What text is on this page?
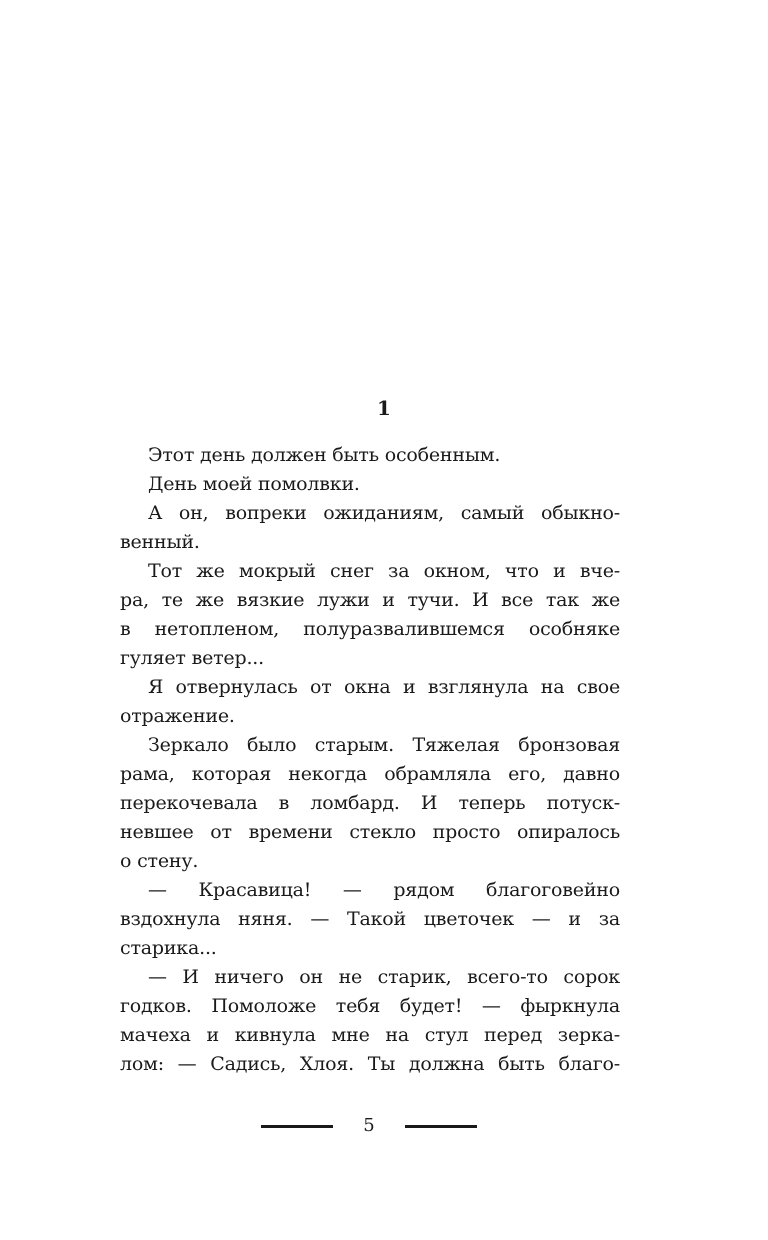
1
Этот день должен быть особенным.
День моей помолвки.
А он, вопреки ожиданиям, самый обыкно-
венный.
Тот же мокрый снег за окном, что и вче-
ра, те же вязкие лужи и тучи. И все так же
в нетопленом, полуразвалившемся особняке
гуляет ветер...
Я отвернулась от окна и взглянула на свое
отражение.
Зеркало было старым. Тяжелая бронзовая
рама, которая некогда обрамляла его, давно
перекочевала в ломбард. И теперь потуск-
невшее от времени стекло просто опиралось
о стену.
— Красавица! — рядом благоговейно
вздохнула няня. — Такой цветочек — и за
старика...
— И ничего он не старик, всего-то сорок
годков. Помоложе тебя будет! — фыркнула
мачеха и кивнула мне на стул перед зерка-
лом: — Садись, Хлоя. Ты должна быть благо-
5
